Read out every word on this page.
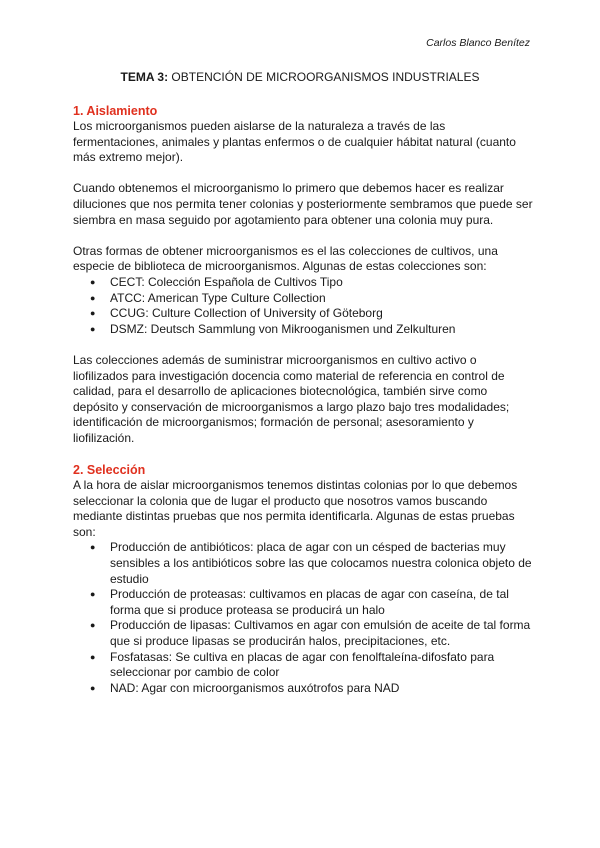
Carlos Blanco Benítez
TEMA 3: OBTENCIÓN DE MICROORGANISMOS INDUSTRIALES
1. Aislamiento

Los microorganismos pueden aislarse de la naturaleza a través de las fermentaciones, animales y plantas enfermos o de cualquier hábitat natural (cuanto más extremo mejor).

Cuando obtenemos el microorganismo lo primero que debemos hacer es realizar diluciones que nos permita tener colonias y posteriormente sembramos que puede ser siembra en masa seguido por agotamiento para obtener una colonia muy pura.

Otras formas de obtener microorganismos es el las colecciones de cultivos, una especie de biblioteca de microorganismos. Algunas de estas colecciones son:

● CECT: Colección Española de Cultivos Tipo
● ATCC: American Type Culture Collection
● CCUG: Culture Collection of University of Göteborg
● DSMZ: Deutsch Sammlung von Mikrooganismen und Zelkulturen

Las colecciones además de suministrar microorganismos en cultivo activo o liofilizados para investigación docencia como material de referencia en control de calidad, para el desarrollo de aplicaciones biotecnológica, también sirve como depósito y conservación de microorganismos a largo plazo bajo tres modalidades; identificación de microorganismos; formación de personal; asesoramiento y liofilización.

2. Selección

A la hora de aislar microorganismos tenemos distintas colonias por lo que debemos seleccionar la colonia que de lugar el producto que nosotros vamos buscando mediante distintas pruebas que nos permita identificarla. Algunas de estas pruebas son:

● Producción de antibióticos: placa de agar con un césped de bacterias muy sensibles a los antibióticos sobre las que colocamos nuestra colonica objeto de estudio
● Producción de proteasas: cultivamos en placas de agar con caseína, de tal forma que si produce proteasa se producirá un halo
● Producción de lipasas: Cultivamos en agar con emulsión de aceite de tal forma que si produce lipasas se producirán halos, precipitaciones, etc.
● Fosfatasas: Se cultiva en placas de agar con fenolftaleína-difosfato para seleccionar por cambio de color
● NAD: Agar con microorganismos auxótrofos para NAD
